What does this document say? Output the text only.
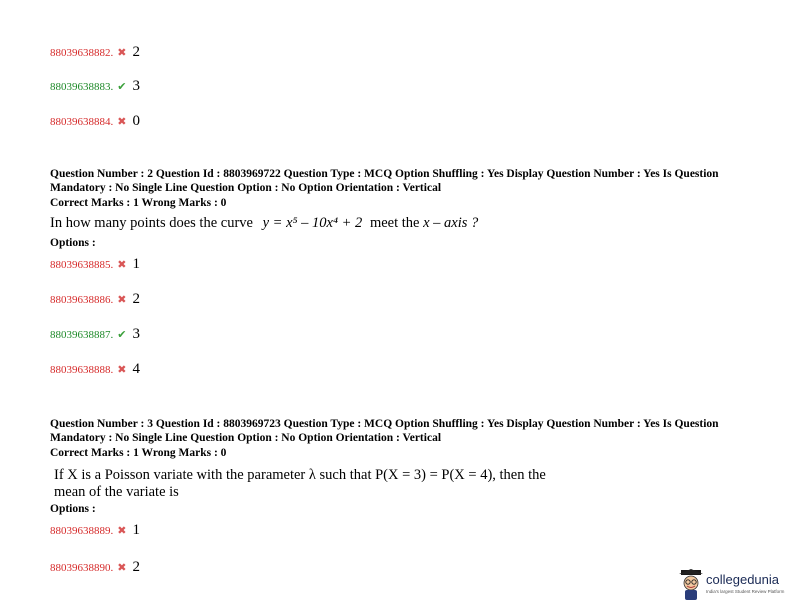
88039638882. ✖ 2
88039638883. ✔ 3
88039638884. ✖ 0
Question Number : 2 Question Id : 8803969722 Question Type : MCQ Option Shuffling : Yes Display Question Number : Yes Is Question Mandatory : No Single Line Question Option : No Option Orientation : Vertical
Correct Marks : 1 Wrong Marks : 0
In how many points does the curve y = x⁵ – 10x⁴ + 2 meet the x – axis ?
Options :
88039638885. ✖ 1
88039638886. ✖ 2
88039638887. ✔ 3
88039638888. ✖ 4
Question Number : 3 Question Id : 8803969723 Question Type : MCQ Option Shuffling : Yes Display Question Number : Yes Is Question Mandatory : No Single Line Question Option : No Option Orientation : Vertical
Correct Marks : 1 Wrong Marks : 0
If X is a Poisson variate with the parameter λ such that P(X = 3) = P(X = 4), then the
mean of the variate is
Options :
88039638889. ✖ 1
88039638890. ✖ 2
collegedunia
India's largest Student Review Platform
